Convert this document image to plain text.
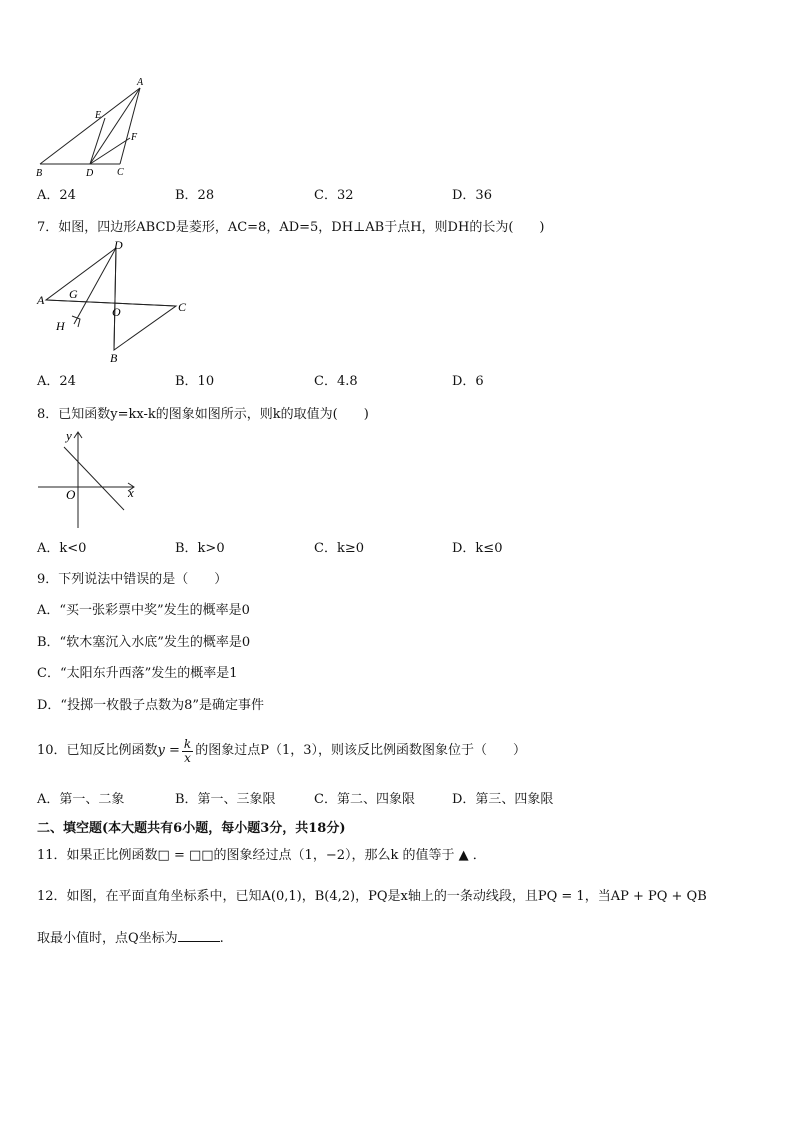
A
E
F
B	D C
A．24	B．28	C．32	D．36
7．如图，四边形ABCD是菱形，AC=8，AD=5，DH⊥AB于点H，则DH的长为(　　)
D
A G
O	C
H
B
A．24	B．10	C．4.8	D．6
8．已知函数y=kx-k的图象如图所示，则k的取值为(　　)
y
O	x
A．k<0	B．k>0	C．k≥0	D．k≤0
9．下列说法中错误的是（　　）
A．“买一张彩票中奖”发生的概率是0
B．“软木塞沉入水底”发生的概率是0
C．“太阳东升西落”发生的概率是1
D．“投掷一枚骰子点数为8”是确定事件
10．已知反比例函数 $y = \frac{k}{x}$ 的图象过点P（1，3），则该反比例函数图象位于（　　）
A．第一、二象	B．第一、三象限	C．第二、四象限	D．第三、四象限
二、填空题(本大题共有6小题，每小题3分，共18分)
11．如果正比例函数□ = □□的图象经过点（1，−2），那么k 的值等于 ▲ ．
12．如图，在平面直角坐标系中，已知A(0,1)，B(4,2)，PQ是x轴上的一条动线段，且PQ = 1，当AP + PQ + QB
取最小值时，点Q坐标为	.
